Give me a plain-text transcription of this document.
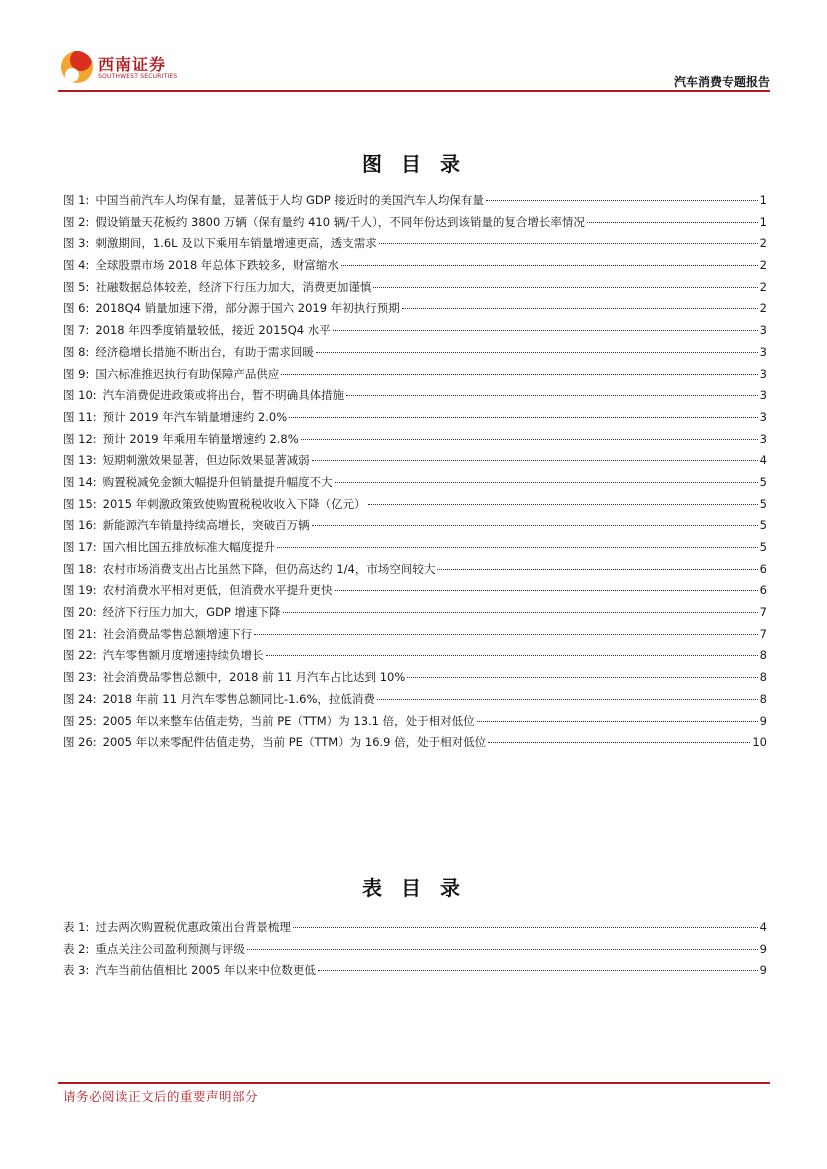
西南证券
SOUTHWEST SECURITIES	汽车消费专题报告
图 目 录
图 1: 中国当前汽车人均保有量，显著低于人均 GDP 接近时的美国汽车人均保有量	1
图 2: 假设销量天花板约 3800 万辆（保有量约 410 辆/千人），不同年份达到该销量的复合增长率情况	1
图 3: 刺激期间，1.6L 及以下乘用车销量增速更高，透支需求	2
图 4: 全球股票市场 2018 年总体下跌较多，财富缩水	2
图 5: 社融数据总体较差，经济下行压力加大，消费更加谨慎	2
图 6: 2018Q4 销量加速下滑，部分源于国六 2019 年初执行预期	2
图 7: 2018 年四季度销量较低，接近 2015Q4 水平	3
图 8: 经济稳增长措施不断出台，有助于需求回暖	3
图 9: 国六标准推迟执行有助保障产品供应	3
图 10: 汽车消费促进政策或将出台，暂不明确具体措施	3
图 11: 预计 2019 年汽车销量增速约 2.0%	3
图 12: 预计 2019 年乘用车销量增速约 2.8%	3
图 13: 短期刺激效果显著，但边际效果显著减弱	4
图 14: 购置税减免金额大幅提升但销量提升幅度不大	5
图 15: 2015 年刺激政策致使购置税税收收入下降（亿元）	5
图 16: 新能源汽车销量持续高增长，突破百万辆	5
图 17: 国六相比国五排放标准大幅度提升	5
图 18: 农村市场消费支出占比虽然下降，但仍高达约 1/4，市场空间较大	6
图 19: 农村消费水平相对更低，但消费水平提升更快	6
图 20: 经济下行压力加大，GDP 增速下降	7
图 21: 社会消费品零售总额增速下行	7
图 22: 汽车零售额月度增速持续负增长	8
图 23: 社会消费品零售总额中，2018 前 11 月汽车占比达到 10%	8
图 24: 2018 年前 11 月汽车零售总额同比-1.6%，拉低消费	8
图 25: 2005 年以来整车估值走势，当前 PE（TTM）为 13.1 倍，处于相对低位	9
图 26: 2005 年以来零配件估值走势，当前 PE（TTM）为 16.9 倍，处于相对低位	10
表 目 录
表 1: 过去两次购置税优惠政策出台背景梳理	4
表 2: 重点关注公司盈利预测与评级	9
表 3: 汽车当前估值相比 2005 年以来中位数更低	9
请务必阅读正文后的重要声明部分
